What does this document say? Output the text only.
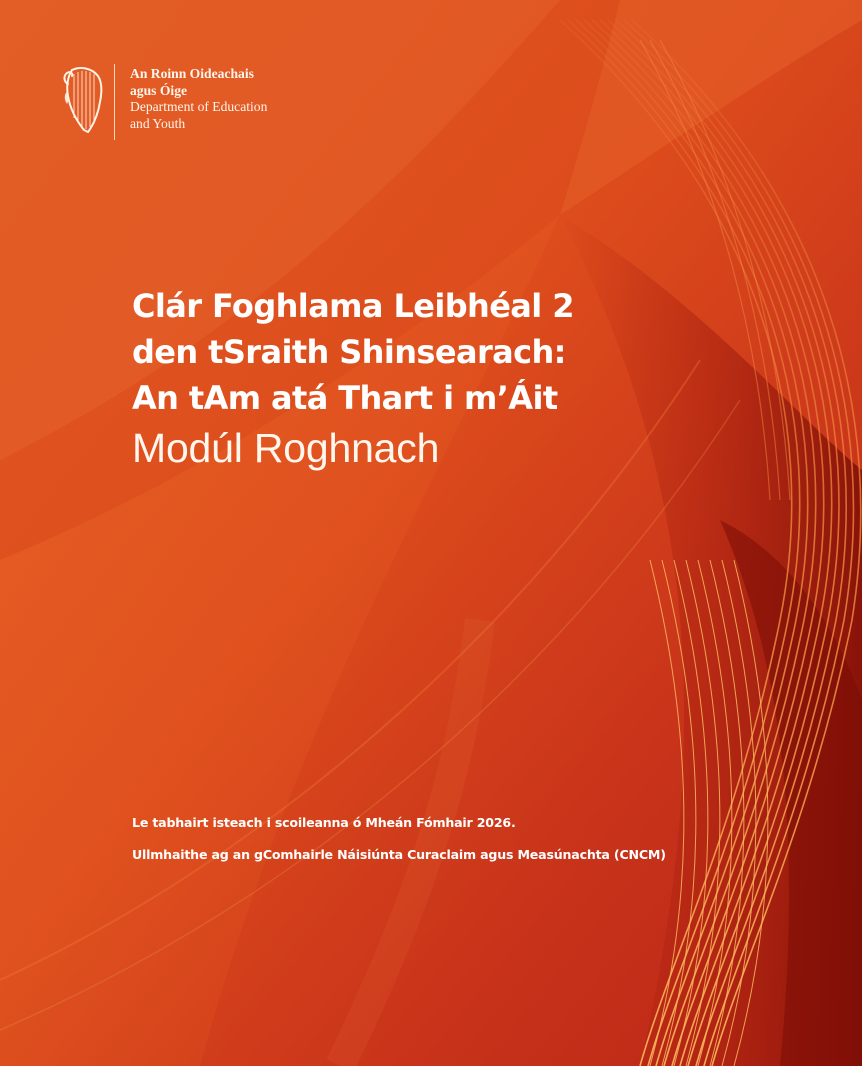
An Roinn Oideachais
agus Óige
Department of Education
and Youth
Clár Foghlama Leibhéal 2
den tSraith Shinsearach:
An tAm atá Thart i m’Áit
Modúl Roghnach
Le tabhairt isteach i scoileanna ó Mheán Fómhair 2026.
Ullmhaithe ag an gComhairle Náisiúnta Curaclaim agus Measúnachta (CNCM)
